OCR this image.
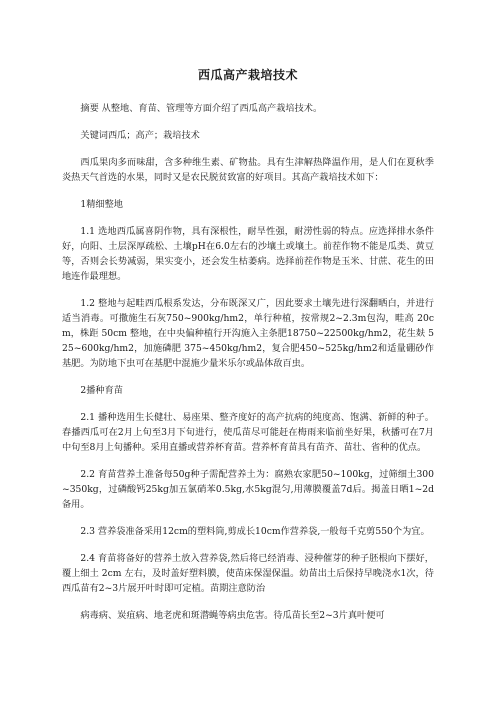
西瓜高产栽培技术

摘要 从整地、育苗、管理等方面介绍了西瓜高产栽培技术。

关键词西瓜；高产；栽培技术

西瓜果肉多而味甜，含多种维生素、矿物盐。具有生津解热降温作用，是人们在夏秋季炎热天气首选的水果，同时又是农民脱贫致富的好项目。其高产栽培技术如下：

1精细整地

1.1 选地西瓜属喜阴作物，具有深根性，耐旱性强，耐涝性弱的特点。应选择排水条件好，向阳、土层深厚疏松、土壤pH在6.0左右的沙壤土或壤土。前茬作物不能是瓜类、黄豆等，否则会长势减弱，果实变小，还会发生枯萎病。选择前茬作物是玉米、甘蔗、花生的田地连作最理想。

1.2 整地与起畦西瓜根系发达，分布既深又广，因此要求土壤先进行深翻晒白，并进行适当消毒。可撒施生石灰750~900kg/hm2，单行种植，按常规2~2.3m包沟，畦高 20cm，株距 50cm 整地，在中央偏种植行开沟施入主条肥18750~22500kg/hm2，花生麸 525~600kg/hm2，加施磷肥 375~450kg/hm2，复合肥450~525kg/hm2和适量硼砂作基肥。为防地下虫可在基肥中混施少量米乐尔或晶体敌百虫。

2播种育苗

2.1 播种选用生长健壮、易座果、整齐度好的高产抗病的纯度高、饱满、新鲜的种子。春播西瓜可在2月上旬至3月下旬进行，使瓜苗尽可能赶在梅雨来临前坐好果，秋播可在7月中旬至8月上旬播种。采用直播或营养杯育苗。营养杯育苗具有苗齐、苗壮、省种的优点。

2.2 育苗营养土准备每50g种子需配营养土为：腐熟农家肥50~100kg，过筛细土300~350kg，过磷酸钙25kg加五氯硝苯0.5kg,水5kg混匀,用薄膜覆盖7d后。揭盖日晒1~2d备用。

2.3 营养袋准备采用12cm的塑料筒,剪成长10cm作营养袋,一般每千克剪550个为宜。

2.4 育苗将备好的营养土放入营养袋,然后将已经消毒、浸种催芽的种子胚根向下摆好，覆上细土 2cm 左右，及时盖好塑料膜，使苗床保湿保温。幼苗出土后保持早晚浇水1次，待西瓜苗有2~3片展开叶时即可定植。苗期注意防治

病毒病、炭疽病、地老虎和斑潜蝇等病虫危害。待瓜苗长至2~3片真叶便可
